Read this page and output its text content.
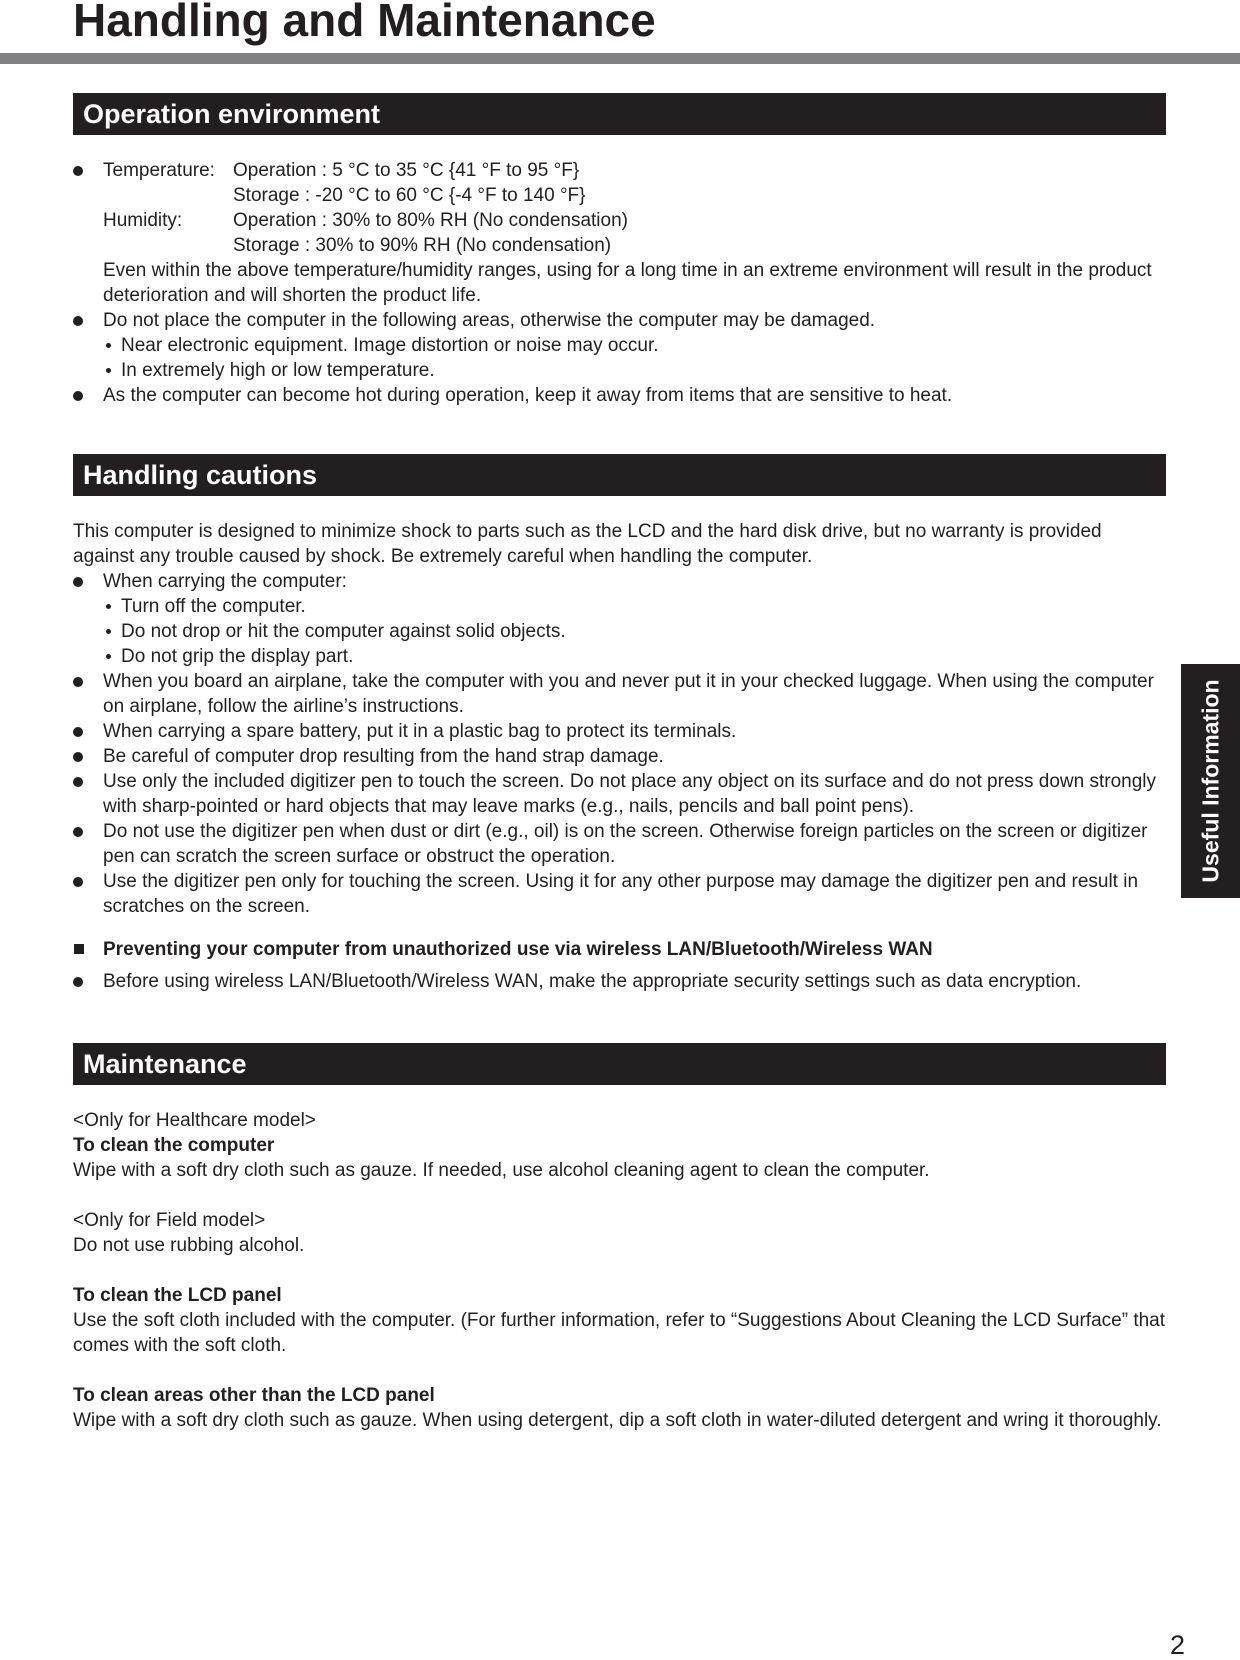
Handling and Maintenance
Operation environment
Temperature: Operation : 5 °C to 35 °C {41 °F to 95 °F}
Storage : -20 °C to 60 °C {-4 °F to 140 °F}
Humidity:	Operation : 30% to 80% RH (No condensation)
Storage : 30% to 90% RH (No condensation)
Even within the above temperature/humidity ranges, using for a long time in an extreme environment will result in the product deterioration and will shorten the product life.
Do not place the computer in the following areas, otherwise the computer may be damaged.
Near electronic equipment. Image distortion or noise may occur.
In extremely high or low temperature.
As the computer can become hot during operation, keep it away from items that are sensitive to heat.
Handling cautions
This computer is designed to minimize shock to parts such as the LCD and the hard disk drive, but no warranty is provided against any trouble caused by shock. Be extremely careful when handling the computer.
When carrying the computer:
Turn off the computer.
Do not drop or hit the computer against solid objects.
Do not grip the display part.
When you board an airplane, take the computer with you and never put it in your checked luggage. When using the computer on airplane, follow the airline’s instructions.
When carrying a spare battery, put it in a plastic bag to protect its terminals.
Be careful of computer drop resulting from the hand strap damage.
Use only the included digitizer pen to touch the screen. Do not place any object on its surface and do not press down strongly with sharp-pointed or hard objects that may leave marks (e.g., nails, pencils and ball point pens).
Do not use the digitizer pen when dust or dirt (e.g., oil) is on the screen. Otherwise foreign particles on the screen or digitizer pen can scratch the screen surface or obstruct the operation.
Use the digitizer pen only for touching the screen. Using it for any other purpose may damage the digitizer pen and result in scratches on the screen.
Preventing your computer from unauthorized use via wireless LAN/Bluetooth/Wireless WAN
Before using wireless LAN/Bluetooth/Wireless WAN, make the appropriate security settings such as data encryption.
Maintenance
<Only for Healthcare model>
To clean the computer
Wipe with a soft dry cloth such as gauze. If needed, use alcohol cleaning agent to clean the computer.
<Only for Field model>
Do not use rubbing alcohol.
To clean the LCD panel
Use the soft cloth included with the computer. (For further information, refer to “Suggestions About Cleaning the LCD Surface” that comes with the soft cloth.
To clean areas other than the LCD panel
Wipe with a soft dry cloth such as gauze. When using detergent, dip a soft cloth in water-diluted detergent and wring it thoroughly.
Useful Information
2
